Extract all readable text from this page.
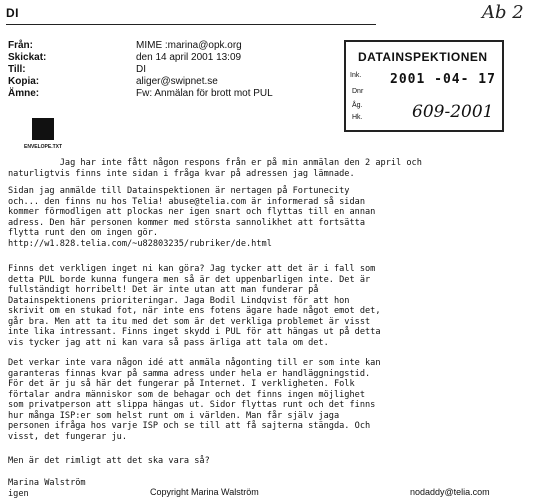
DI	Ab 2
Från:	MIME :marina@opk.org
Skickat:	den 14 april 2001 13:09
Till:	DI
Kopia:	aliger@swipnet.se
Ämne:	Fw: Anmälan för brott mot PUL
DATAINSPEKTIONEN
Ink. 2001 -04- 17
Dnr
Åg.
Hk.	609-2001
ENVELOPE.TXT
Jag har inte fått någon respons från er på min anmälan den 2 april och
naturligtvis finns inte sidan i fråga kvar på adressen jag lämnade.
Sidan jag anmälde till Datainspektionen är nertagen på Fortunecity
och... den finns nu hos Telia! abuse@telia.com är informerad så sidan
kommer förmodligen att plockas ner igen snart och flyttas till en annan
adress. Den här personen kommer med största sannolikhet att fortsätta
flytta runt den om ingen gör.
http://w1.828.telia.com/~u82803235/rubriker/de.html
Finns det verkligen inget ni kan göra? Jag tycker att det är i fall som
detta PUL borde kunna fungera men så är det uppenbarligen inte. Det är
fullständigt horribelt! Det är inte utan att man funderar på
Datainspektionens prioriteringar. Jaga Bodil Lindqvist för att hon
skrivit om en stukad fot, när inte ens fotens ägare hade något emot det,
går bra. Men att ta itu med det som är det verkliga problemet är visst
inte lika intressant. Finns inget skydd i PUL för att hängas ut på detta
vis tycker jag att ni kan vara så pass ärliga att tala om det.
Det verkar inte vara någon idé att anmäla någonting till er som inte kan
garanteras finnas kvar på samma adress under hela er handläggningstid.
För det är ju så här det fungerar på Internet. I verkligheten. Folk
förtalar andra människor som de behagar och det finns ingen möjlighet
som privatperson att slippa hängas ut. Sidor flyttas runt och det finns
hur många ISP:er som helst runt om i världen. Man får själv jaga
personen ifråga hos varje ISP och se till att få sajterna stängda. Och
visst, det fungerar ju.
Men är det rimligt att det ska vara så?
Marina Walström
igen	Copyright Marina Walström	nodaddy@telia.com
